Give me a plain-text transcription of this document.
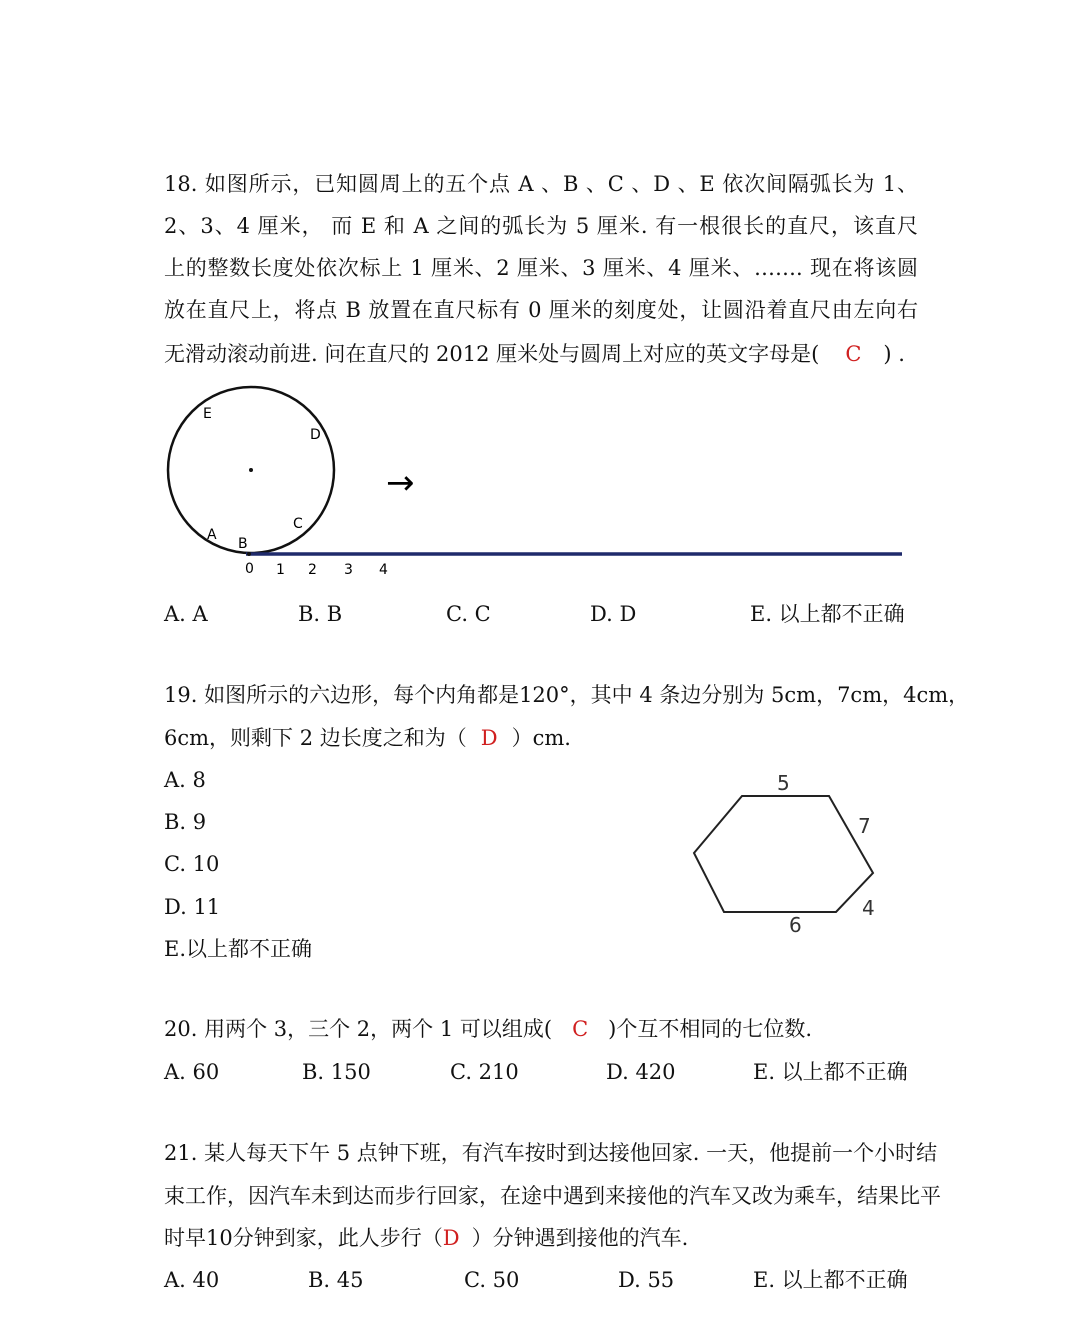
18. 如图所示，已知圆周上的五个点 A 、B 、C 、D 、E 依次间隔弧长为 1、
2、3、4 厘米， 而 E 和 A 之间的弧长为 5 厘米. 有一根很长的直尺，该直尺
上的整数长度处依次标上 1 厘米、2 厘米、3 厘米、4 厘米、……. 现在将该圆
放在直尺上，将点 B 放置在直尺标有 0 厘米的刻度处，让圆沿着直尺由左向右
无滑动滚动前进. 问在直尺的 2012 厘米处与圆周上对应的英文字母是( C ) .
E
D
A
B
C
0 1 2 3 4
→
A. A	B. B	C. C	D. D	E. 以上都不正确
19. 如图所示的六边形，每个内角都是120°，其中 4 条边分别为 5cm，7cm，4cm，
6cm，则剩下 2 边长度之和为（ D ）cm.
A. 8
B. 9
C. 10
D. 11
E.以上都不正确
5
7
4
6
20. 用两个 3，三个 2，两个 1 可以组成( C )个互不相同的七位数.
A. 60	B. 150	C. 210	D. 420	E. 以上都不正确
21. 某人每天下午 5 点钟下班，有汽车按时到达接他回家. 一天，他提前一个小时结
束工作，因汽车未到达而步行回家，在途中遇到来接他的汽车又改为乘车，结果比平
时早10分钟到家，此人步行（D ）分钟遇到接他的汽车.
A. 40	B. 45	C. 50	D. 55	E. 以上都不正确
